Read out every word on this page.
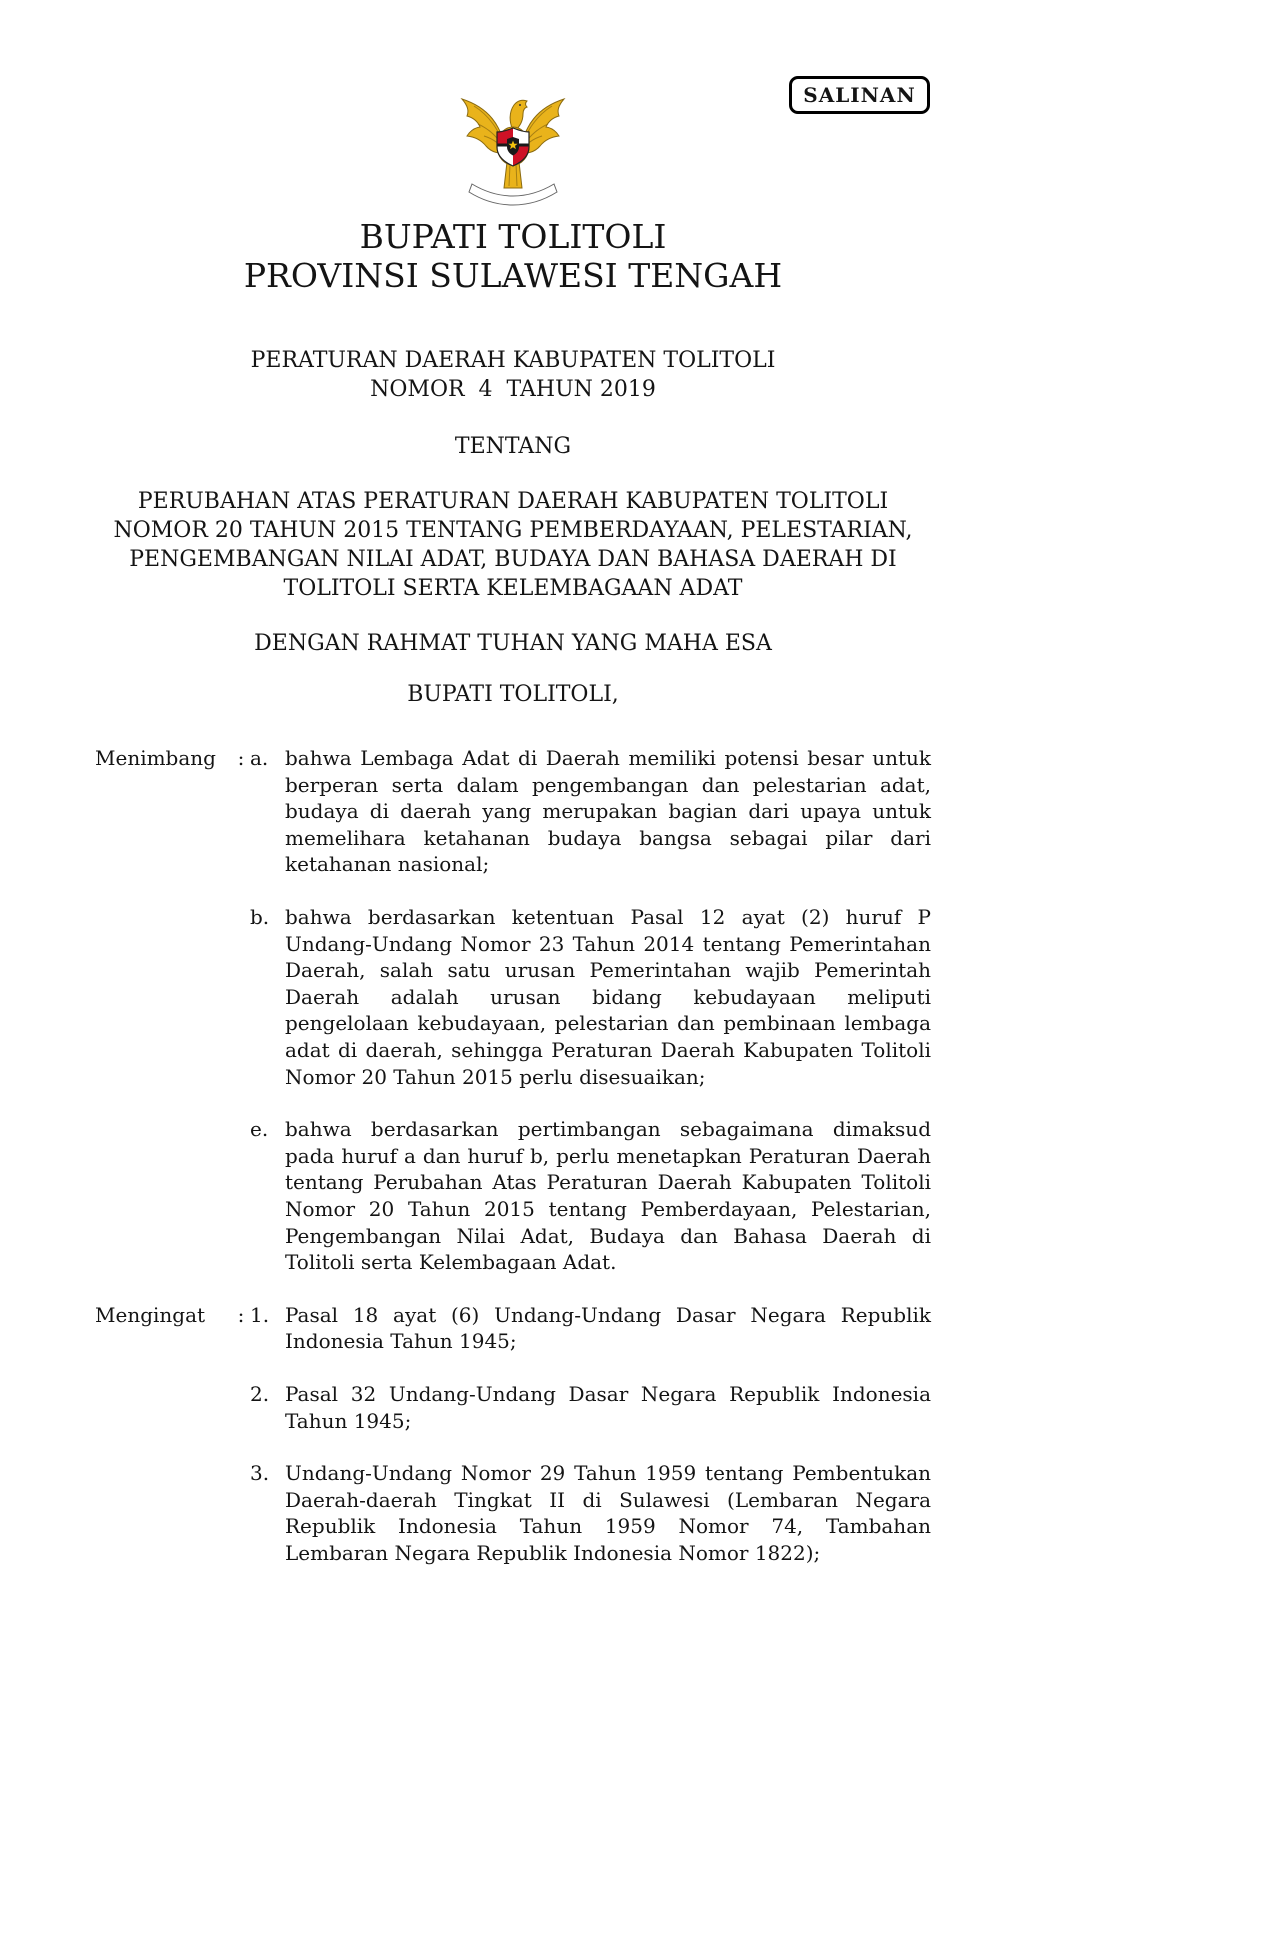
SALINAN
BUPATI TOLITOLI
PROVINSI SULAWESI TENGAH
PERATURAN DAERAH KABUPATEN TOLITOLI
NOMOR  4  TAHUN 2019
TENTANG
PERUBAHAN ATAS PERATURAN DAERAH KABUPATEN TOLITOLI NOMOR 20 TAHUN 2015 TENTANG PEMBERDAYAAN, PELESTARIAN, PENGEMBANGAN NILAI ADAT, BUDAYA DAN BAHASA DAERAH DI TOLITOLI SERTA KELEMBAGAAN ADAT
DENGAN RAHMAT TUHAN YANG MAHA ESA
BUPATI TOLITOLI,
Menimbang	: a. bahwa Lembaga Adat di Daerah memiliki potensi besar untuk berperan serta dalam pengembangan dan pelestarian adat, budaya di daerah yang merupakan bagian dari upaya untuk memelihara ketahanan budaya bangsa sebagai pilar dari ketahanan nasional;
b. bahwa berdasarkan ketentuan Pasal 12 ayat (2) huruf P Undang-Undang Nomor 23 Tahun 2014 tentang Pemerintahan Daerah, salah satu urusan Pemerintahan wajib Pemerintah Daerah adalah urusan bidang kebudayaan meliputi pengelolaan kebudayaan, pelestarian dan pembinaan lembaga adat di daerah, sehingga Peraturan Daerah Kabupaten Tolitoli Nomor 20 Tahun 2015 perlu disesuaikan;
e. bahwa berdasarkan pertimbangan sebagaimana dimaksud pada huruf a dan huruf b, perlu menetapkan Peraturan Daerah tentang Perubahan Atas Peraturan Daerah Kabupaten Tolitoli Nomor 20 Tahun 2015 tentang Pemberdayaan, Pelestarian, Pengembangan Nilai Adat, Budaya dan Bahasa Daerah di Tolitoli serta Kelembagaan Adat.
Mengingat	: 1. Pasal 18 ayat (6) Undang-Undang Dasar Negara Republik Indonesia Tahun 1945;
2. Pasal 32 Undang-Undang Dasar Negara Republik Indonesia Tahun 1945;
3. Undang-Undang Nomor 29 Tahun 1959 tentang Pembentukan Daerah-daerah Tingkat II di Sulawesi (Lembaran Negara Republik Indonesia Tahun 1959 Nomor 74, Tambahan Lembaran Negara Republik Indonesia Nomor 1822);
